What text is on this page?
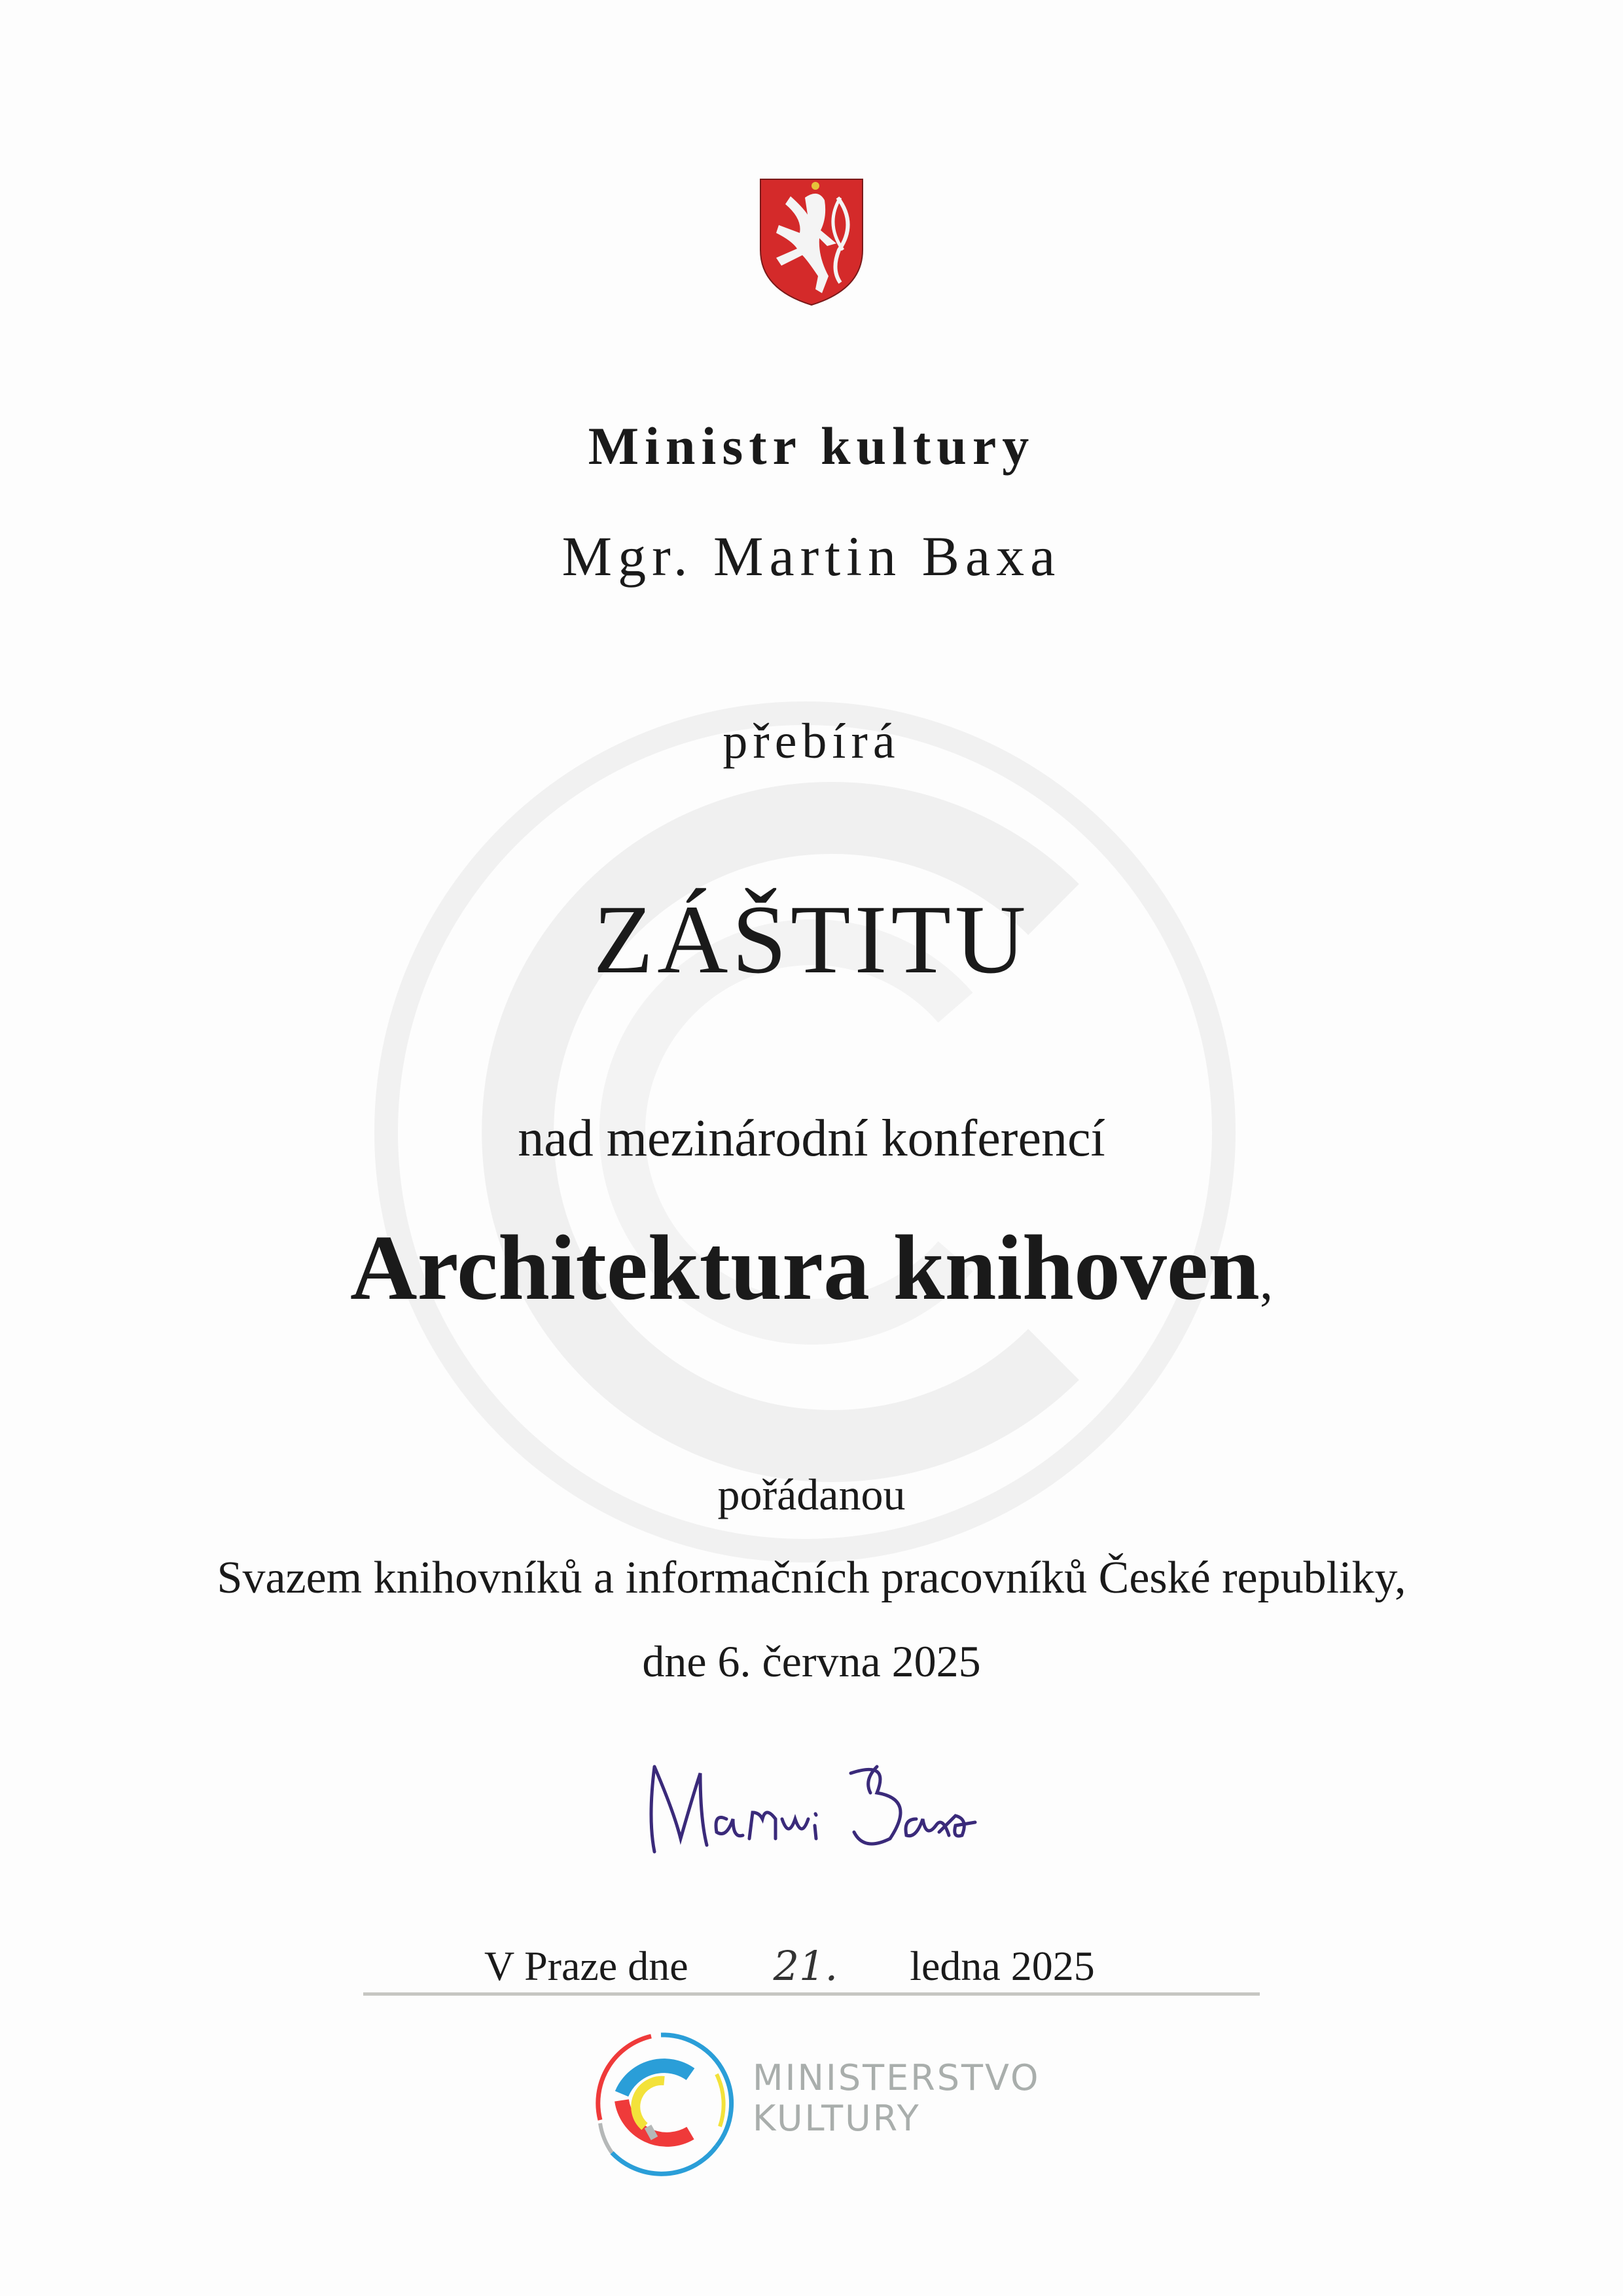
Ministr kultury
Mgr. Martin Baxa
přebírá
ZÁŠTITU
nad mezinárodní konferencí
Architektura knihoven,
pořádanou
Svazem knihovníků a informačních pracovníků České republiky,
dne 6. června 2025
V Praze dne 21. ledna 2025
MINISTERSTVO
KULTURY
